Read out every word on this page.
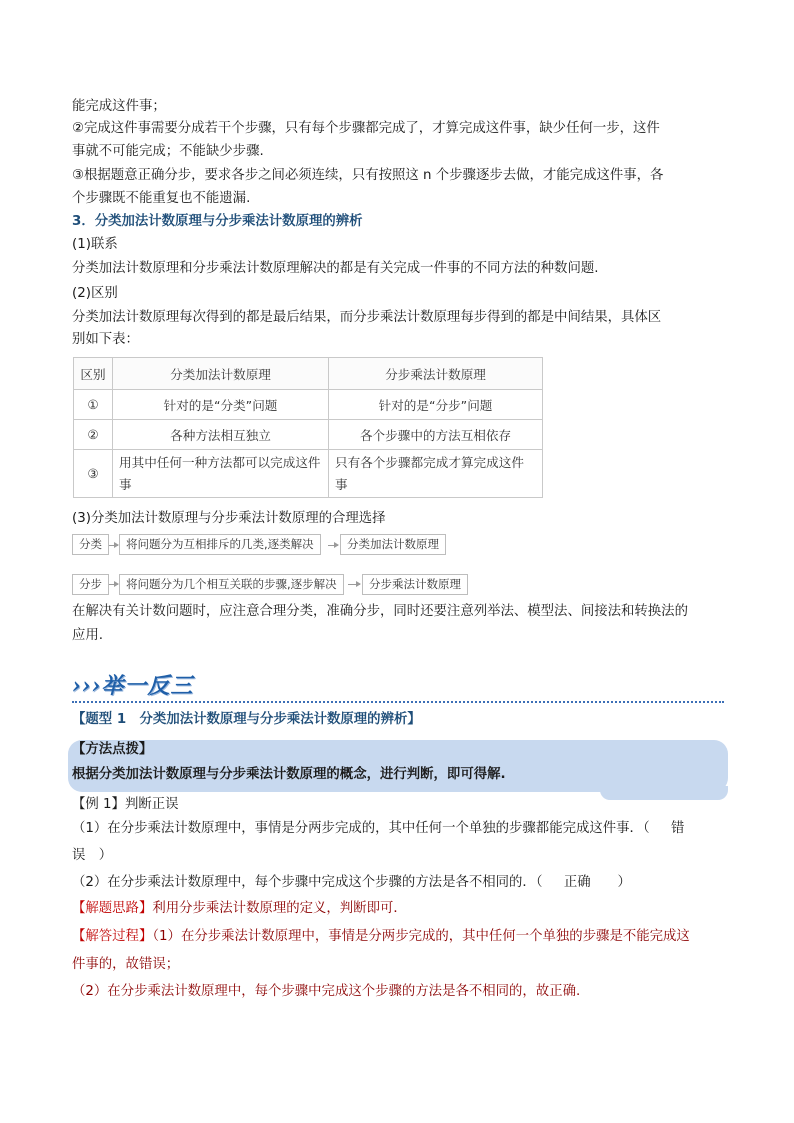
能完成这件事；
②完成这件事需要分成若干个步骤，只有每个步骤都完成了，才算完成这件事，缺少任何一步，这件
事就不可能完成；不能缺少步骤.
③根据题意正确分步，要求各步之间必须连续，只有按照这 n 个步骤逐步去做，才能完成这件事，各
个步骤既不能重复也不能遗漏.
3．分类加法计数原理与分步乘法计数原理的辨析
(1)联系
分类加法计数原理和分步乘法计数原理解决的都是有关完成一件事的不同方法的种数问题.
(2)区别
分类加法计数原理每次得到的都是最后结果，而分步乘法计数原理每步得到的都是中间结果，具体区
别如下表：
区别	分类加法计数原理	分步乘法计数原理
①	针对的是“分类”问题	针对的是“分步”问题
②	各种方法相互独立	各个步骤中的方法互相依存
③	用其中任何一种方法都可以完成这件事	只有各个步骤都完成才算完成这件事
(3)分类加法计数原理与分步乘法计数原理的合理选择
分类	将问题分为互相排斥的几类,逐类解决	分类加法计数原理
分步	将问题分为几个相互关联的步骤,逐步解决	分步乘法计数原理
在解决有关计数问题时，应注意合理分类，准确分步，同时还要注意列举法、模型法、间接法和转换法的
应用.
›››举一反三
【题型 1　分类加法计数原理与分步乘法计数原理的辨析】
【方法点拨】
根据分类加法计数原理与分步乘法计数原理的概念，进行判断，即可得解.
【例 1】判断正误
（1）在分步乘法计数原理中，事情是分两步完成的，其中任何一个单独的步骤都能完成这件事．（　错
误　）
（2）在分步乘法计数原理中，每个步骤中完成这个步骤的方法是各不相同的．（　正确　　）
【解题思路】利用分步乘法计数原理的定义，判断即可．
【解答过程】（1）在分步乘法计数原理中，事情是分两步完成的，其中任何一个单独的步骤是不能完成这
件事的，故错误；
（2）在分步乘法计数原理中，每个步骤中完成这个步骤的方法是各不相同的，故正确.
